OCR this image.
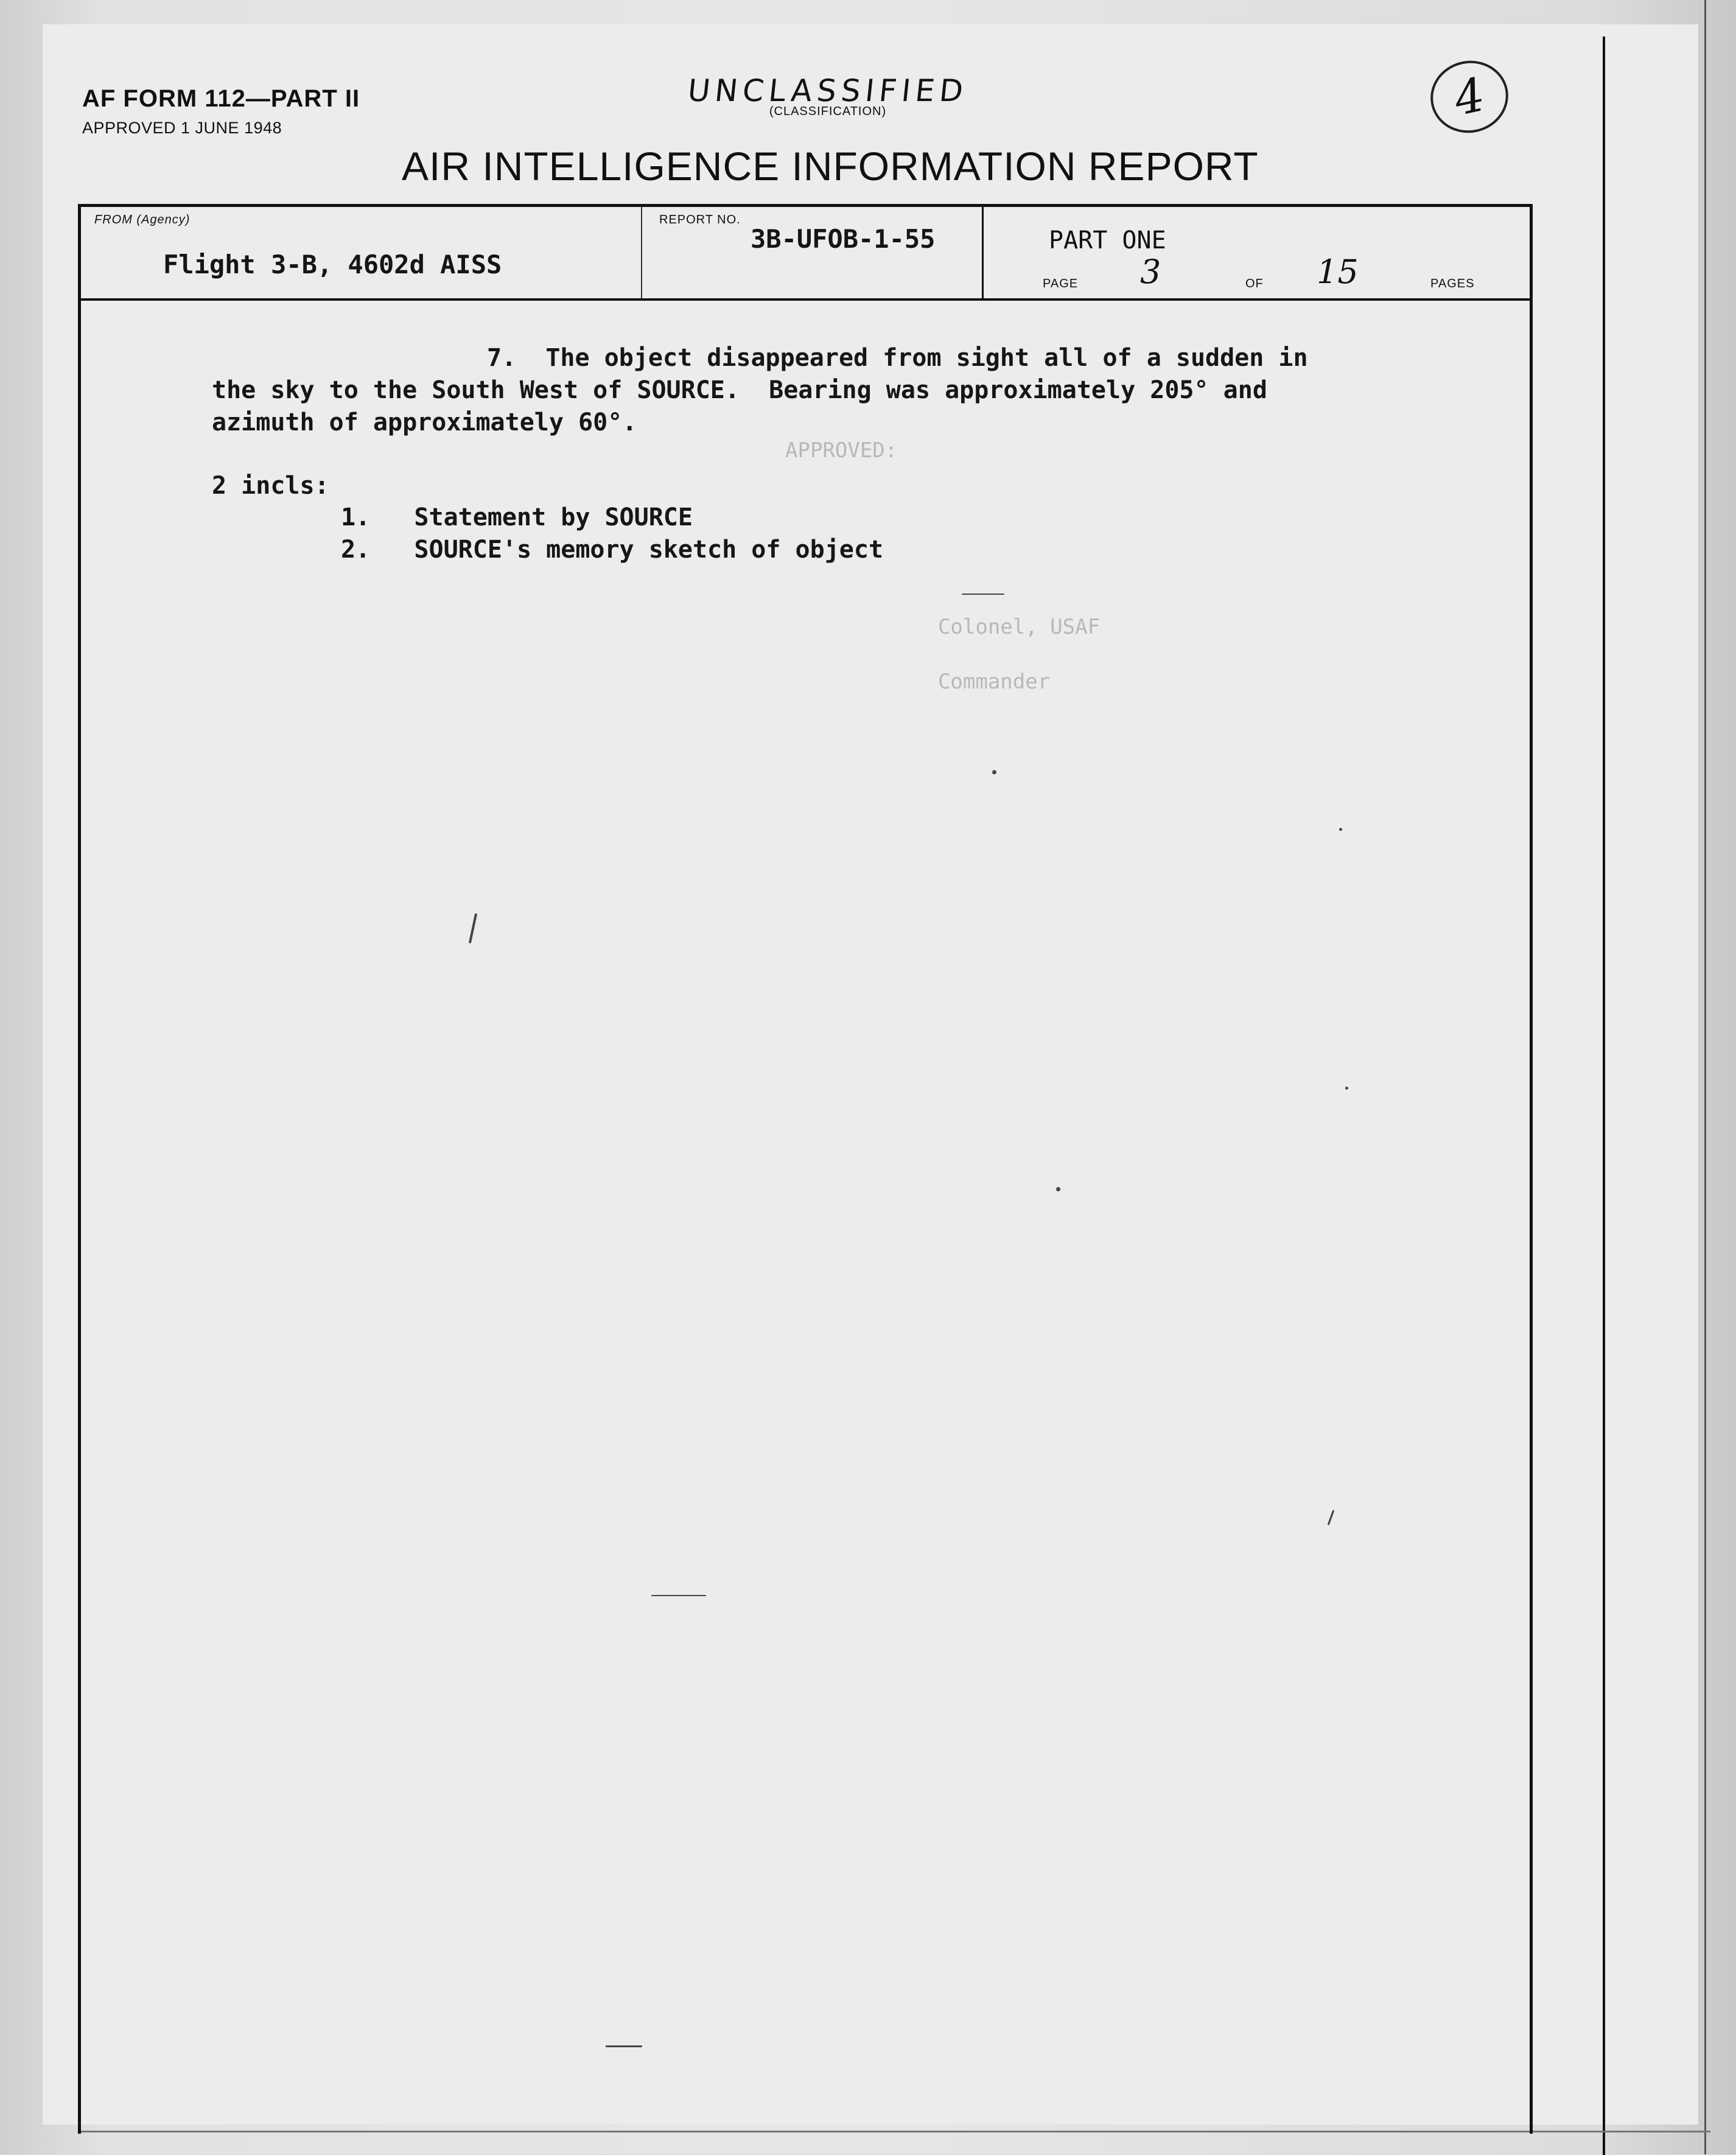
APPROVED:
Colonel, USAF
Commander
AF FORM 112—PART II
APPROVED 1 JUNE 1948
UNCLASSIFIED
(CLASSIFICATION)	4
AIR INTELLIGENCE INFORMATION REPORT
FROM (Agency)
Flight 3-B, 4602d AISS
REPORT NO.
3B-UFOB-1-55	PART ONE
PAGE 3	OF 15	PAGES
7.  The object disappeared from sight all of a sudden in
the sky to the South West of SOURCE.  Bearing was approximately 205° and
azimuth of approximately 60°.
2 incls:
1.   Statement by SOURCE
2.   SOURCE's memory sketch of object
